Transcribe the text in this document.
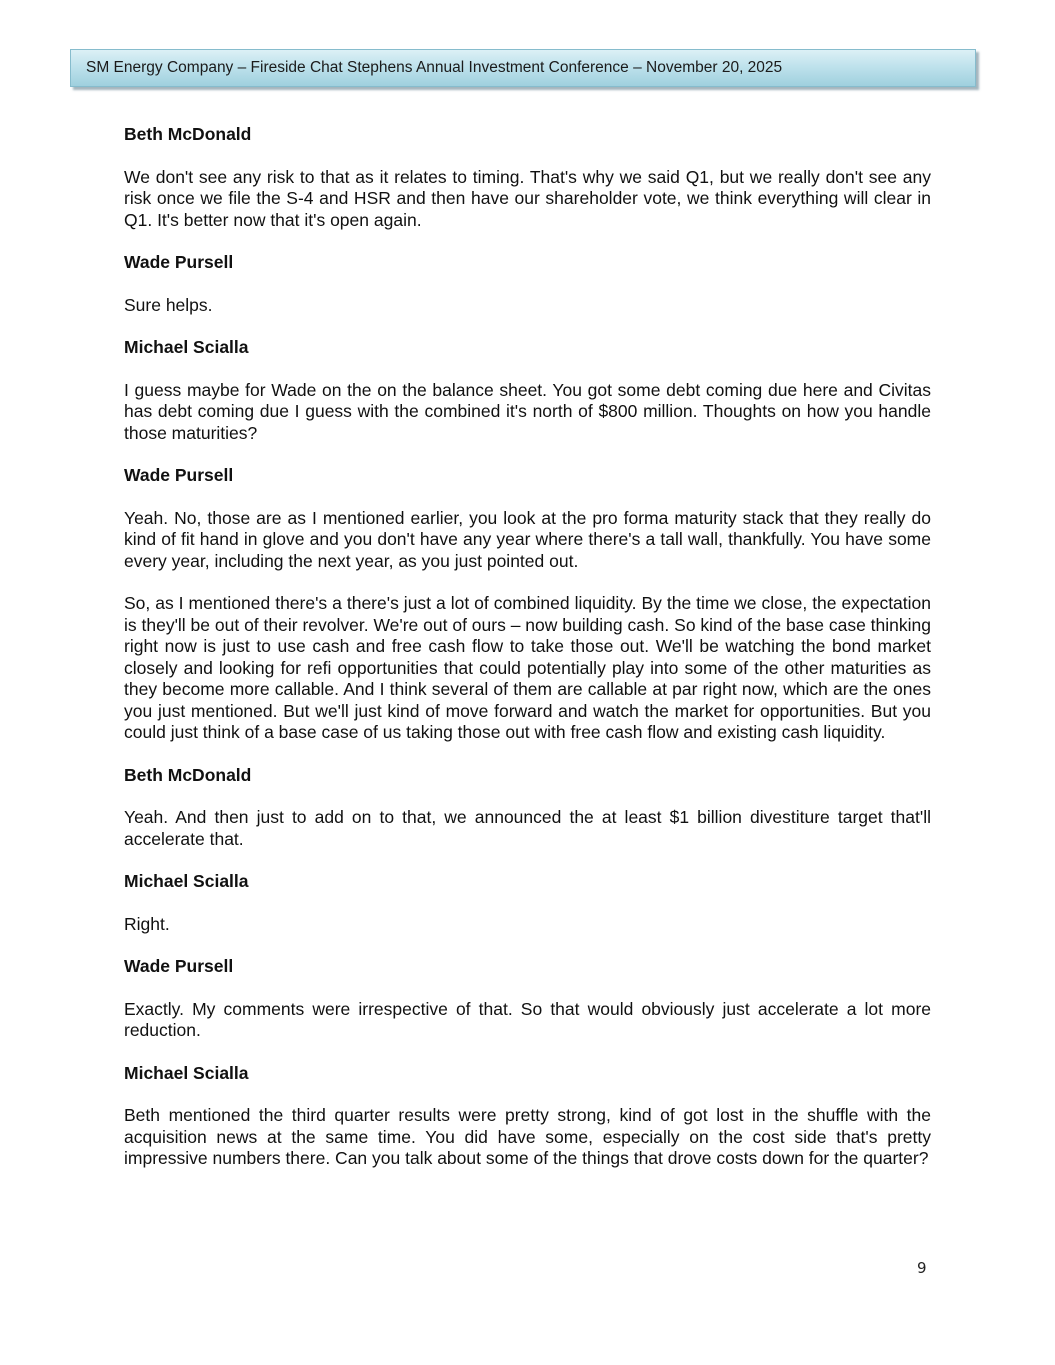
SM Energy Company – Fireside Chat Stephens Annual Investment Conference – November 20, 2025
Beth McDonald

We don't see any risk to that as it relates to timing. That's why we said Q1, but we really don't see any risk once we file the S-4 and HSR and then have our shareholder vote, we think everything will clear in Q1. It's better now that it's open again.

Wade Pursell

Sure helps.

Michael Scialla

I guess maybe for Wade on the on the balance sheet. You got some debt coming due here and Civitas has debt coming due I guess with the combined it's north of $800 million. Thoughts on how you handle those maturities?

Wade Pursell

Yeah. No, those are as I mentioned earlier, you look at the pro forma maturity stack that they really do kind of fit hand in glove and you don't have any year where there's a tall wall, thankfully. You have some every year, including the next year, as you just pointed out.

So, as I mentioned there's a there's just a lot of combined liquidity. By the time we close, the expectation is they'll be out of their revolver. We're out of ours – now building cash. So kind of the base case thinking right now is just to use cash and free cash flow to take those out. We'll be watching the bond market closely and looking for refi opportunities that could potentially play into some of the other maturities as they become more callable. And I think several of them are callable at par right now, which are the ones you just mentioned. But we'll just kind of move forward and watch the market for opportunities. But you could just think of a base case of us taking those out with free cash flow and existing cash liquidity.

Beth McDonald

Yeah. And then just to add on to that, we announced the at least $1 billion divestiture target that'll accelerate that.

Michael Scialla

Right.

Wade Pursell

Exactly. My comments were irrespective of that. So that would obviously just accelerate a lot more reduction.

Michael Scialla

Beth mentioned the third quarter results were pretty strong, kind of got lost in the shuffle with the acquisition news at the same time. You did have some, especially on the cost side that's pretty impressive numbers there. Can you talk about some of the things that drove costs down for the quarter?

9
